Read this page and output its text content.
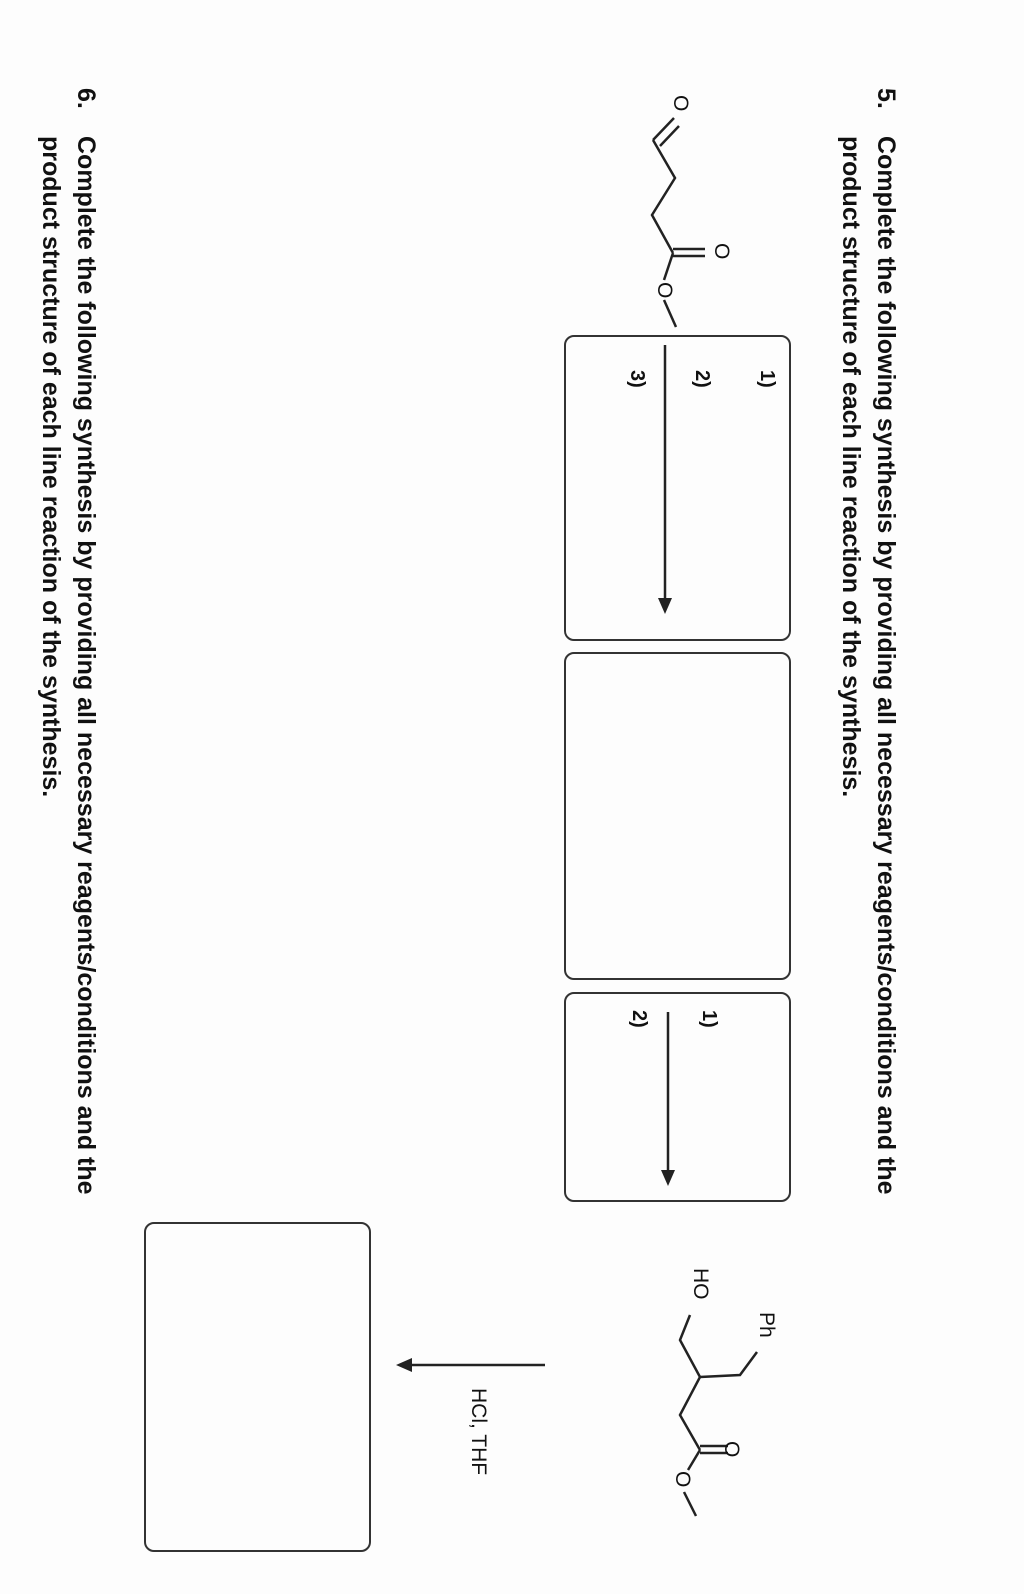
5.Complete the following synthesis by providing all necessary reagents/conditions and the
product structure of each line reaction of the synthesis.
6.Complete the following synthesis by providing all necessary reagents/conditions and the
product structure of each line reaction of the synthesis.	1)
2)
3)
1)
2)
HCl, THF
O
O
O
HO
Ph
O
O
